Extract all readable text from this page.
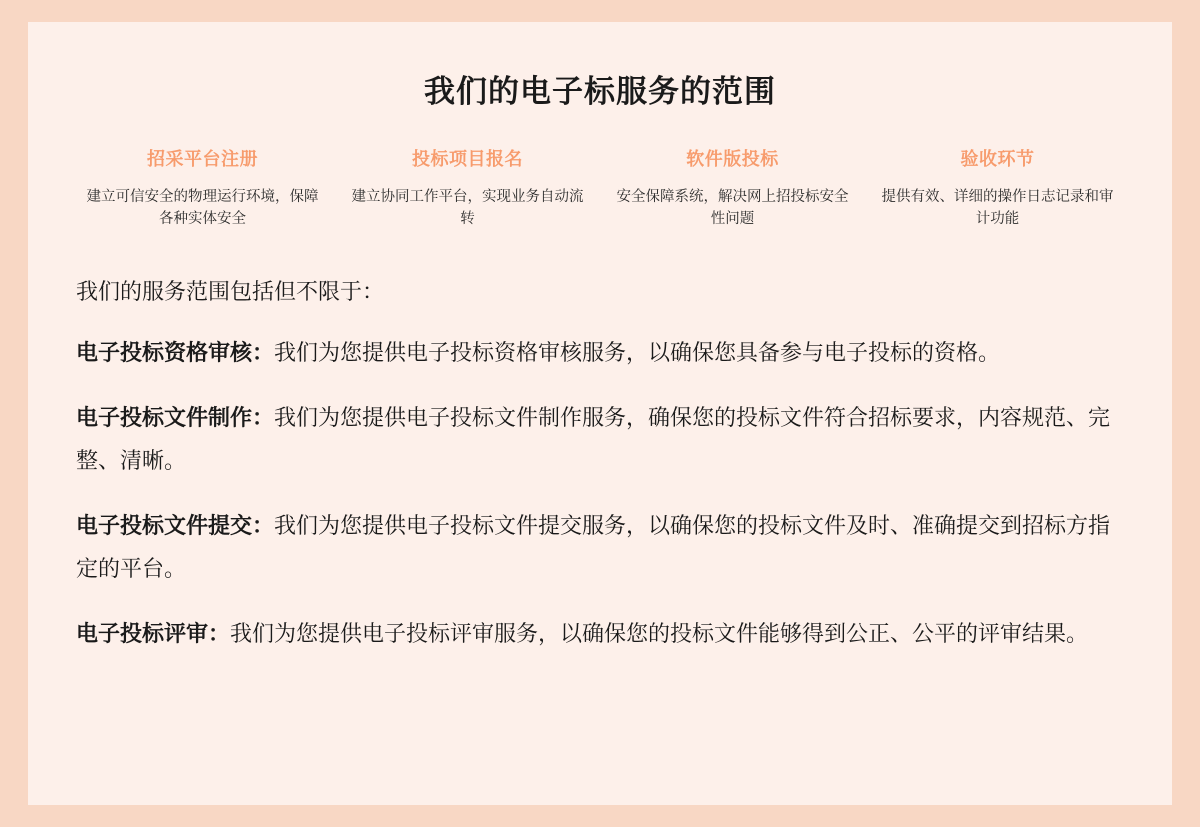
我们的电子标服务的范围
招采平台注册
建立可信安全的物理运行环境，保障各种实体安全
投标项目报名
建立协同工作平台，实现业务自动流转
软件版投标
安全保障系统，解决网上招投标安全性问题
验收环节
提供有效、详细的操作日志记录和审计功能
我们的服务范围包括但不限于：

电子投标资格审核：我们为您提供电子投标资格审核服务，以确保您具备参与电子投标的资格。

电子投标文件制作：我们为您提供电子投标文件制作服务，确保您的投标文件符合招标要求，内容规范、完整、清晰。

电子投标文件提交：我们为您提供电子投标文件提交服务，以确保您的投标文件及时、准确提交到招标方指定的平台。

电子投标评审：我们为您提供电子投标评审服务，以确保您的投标文件能够得到公正、公平的评审结果。
